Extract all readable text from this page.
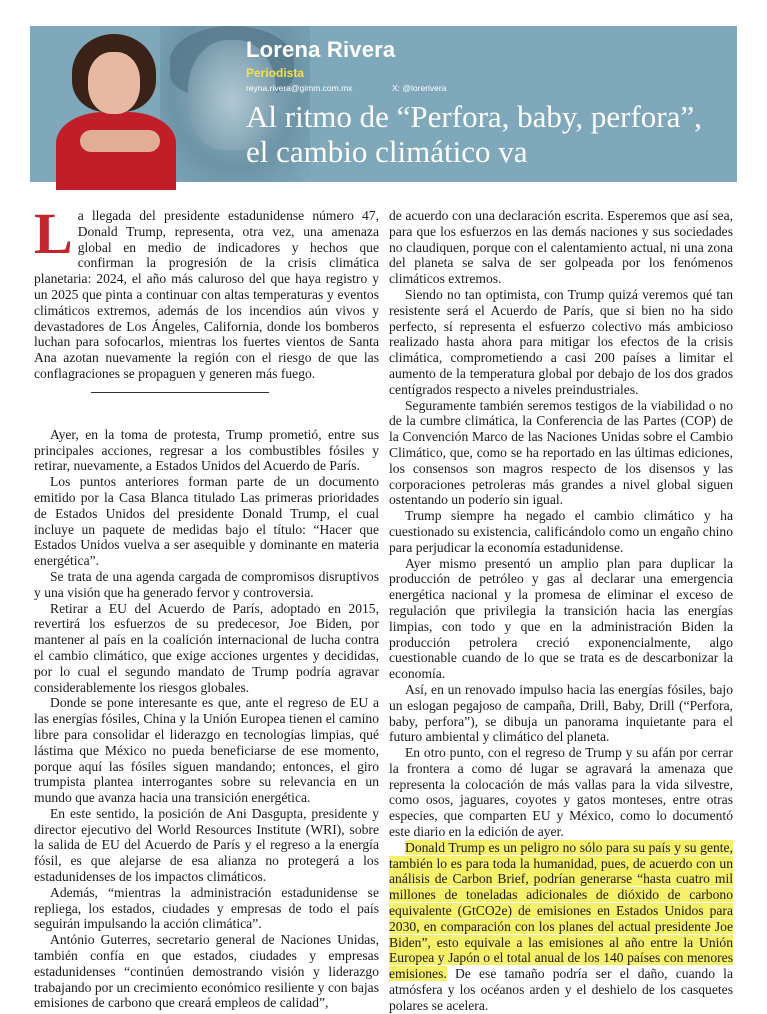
Lorena Rivera
Periodista
reyna.rivera@gimm.com.mx	X: @lorerivera
Al ritmo de “Perfora, baby, perfora”, el cambio climático va

La llegada del presidente estadunidense número 47, Donald Trump, representa, otra vez, una amenaza global en medio de indicadores y hechos que confirman la progresión de la crisis climática planetaria: 2024, el año más caluroso del que haya registro y un 2025 que pinta a continuar con altas temperaturas y eventos climáticos extremos, además de los incendios aún vivos y devastadores de Los Ángeles, California, donde los bomberos luchan para sofocarlos, mientras los fuertes vientos de Santa Ana azotan nuevamente la región con el riesgo de que las conflagraciones se propaguen y generen más fuego.

Ayer, en la toma de protesta, Trump prometió, entre sus principales acciones, regresar a los combustibles fósiles y retirar, nuevamente, a Estados Unidos del Acuerdo de París.

Los puntos anteriores forman parte de un documento emitido por la Casa Blanca titulado Las primeras prioridades de Estados Unidos del presidente Donald Trump, el cual incluye un paquete de medidas bajo el título: “Hacer que Estados Unidos vuelva a ser asequible y dominante en materia energética”.

Se trata de una agenda cargada de compromisos disruptivos y una visión que ha generado fervor y controversia.

Retirar a EU del Acuerdo de París, adoptado en 2015, revertirá los esfuerzos de su predecesor, Joe Biden, por mantener al país en la coalición internacional de lucha contra el cambio climático, que exige acciones urgentes y decididas, por lo cual el segundo mandato de Trump podría agravar considerablemente los riesgos globales.

Donde se pone interesante es que, ante el regreso de EU a las energías fósiles, China y la Unión Europea tienen el camino libre para consolidar el liderazgo en tecnologías limpias, qué lástima que México no pueda beneficiarse de ese momento, porque aquí las fósiles siguen mandando; entonces, el giro trumpista plantea interrogantes sobre su relevancia en un mundo que avanza hacia una transición energética.

En este sentido, la posición de Ani Dasgupta, presidente y director ejecutivo del World Resources Institute (WRI), sobre la salida de EU del Acuerdo de París y el regreso a la energía fósil, es que alejarse de esa alianza no protegerá a los estadunidenses de los impactos climáticos.

Además, “mientras la administración estadunidense se repliega, los estados, ciudades y empresas de todo el país seguirán impulsando la acción climática”.

António Guterres, secretario general de Naciones Unidas, también confía en que estados, ciudades y empresas estadunidenses “continúen demostrando visión y liderazgo trabajando por un crecimiento económico resiliente y con bajas emisiones de carbono que creará empleos de calidad”,

de acuerdo con una declaración escrita. Esperemos que así sea, para que los esfuerzos en las demás naciones y sus sociedades no claudiquen, porque con el calentamiento actual, ni una zona del planeta se salva de ser golpeada por los fenómenos climáticos extremos.

Siendo no tan optimista, con Trump quizá veremos qué tan resistente será el Acuerdo de París, que si bien no ha sido perfecto, sí representa el esfuerzo colectivo más ambicioso realizado hasta ahora para mitigar los efectos de la crisis climática, comprometiendo a casi 200 países a limitar el aumento de la temperatura global por debajo de los dos grados centígrados respecto a niveles preindustriales.

Seguramente también seremos testigos de la viabilidad o no de la cumbre climática, la Conferencia de las Partes (COP) de la Convención Marco de las Naciones Unidas sobre el Cambio Climático, que, como se ha reportado en las últimas ediciones, los consensos son magros respecto de los disensos y las corporaciones petroleras más grandes a nivel global siguen ostentando un poderío sin igual.

Trump siempre ha negado el cambio climático y ha cuestionado su existencia, calificándolo como un engaño chino para perjudicar la economía estadunidense.

Ayer mismo presentó un amplio plan para duplicar la producción de petróleo y gas al declarar una emergencia energética nacional y la promesa de eliminar el exceso de regulación que privilegia la transición hacia las energías limpias, con todo y que en la administración Biden la producción petrolera creció exponencialmente, algo cuestionable cuando de lo que se trata es de descarbonizar la economía.

Así, en un renovado impulso hacia las energías fósiles, bajo un eslogan pegajoso de campaña, Drill, Baby, Drill (“Perfora, baby, perfora”), se dibuja un panorama inquietante para el futuro ambiental y climático del planeta.

En otro punto, con el regreso de Trump y su afán por cerrar la frontera a como dé lugar se agravará la amenaza que representa la colocación de más vallas para la vida silvestre, como osos, jaguares, coyotes y gatos monteses, entre otras especies, que comparten EU y México, como lo documentó este diario en la edición de ayer.

Donald Trump es un peligro no sólo para su país y su gente, también lo es para toda la humanidad, pues, de acuerdo con un análisis de Carbon Brief, podrían generarse “hasta cuatro mil millones de toneladas adicionales de dióxido de carbono equivalente (GtCO2e) de emisiones en Estados Unidos para 2030, en comparación con los planes del actual presidente Joe Biden”, esto equivale a las emisiones al año entre la Unión Europea y Japón o el total anual de los 140 países con menores emisiones. De ese tamaño podría ser el daño, cuando la atmósfera y los océanos arden y el deshielo de los casquetes polares se acelera.
